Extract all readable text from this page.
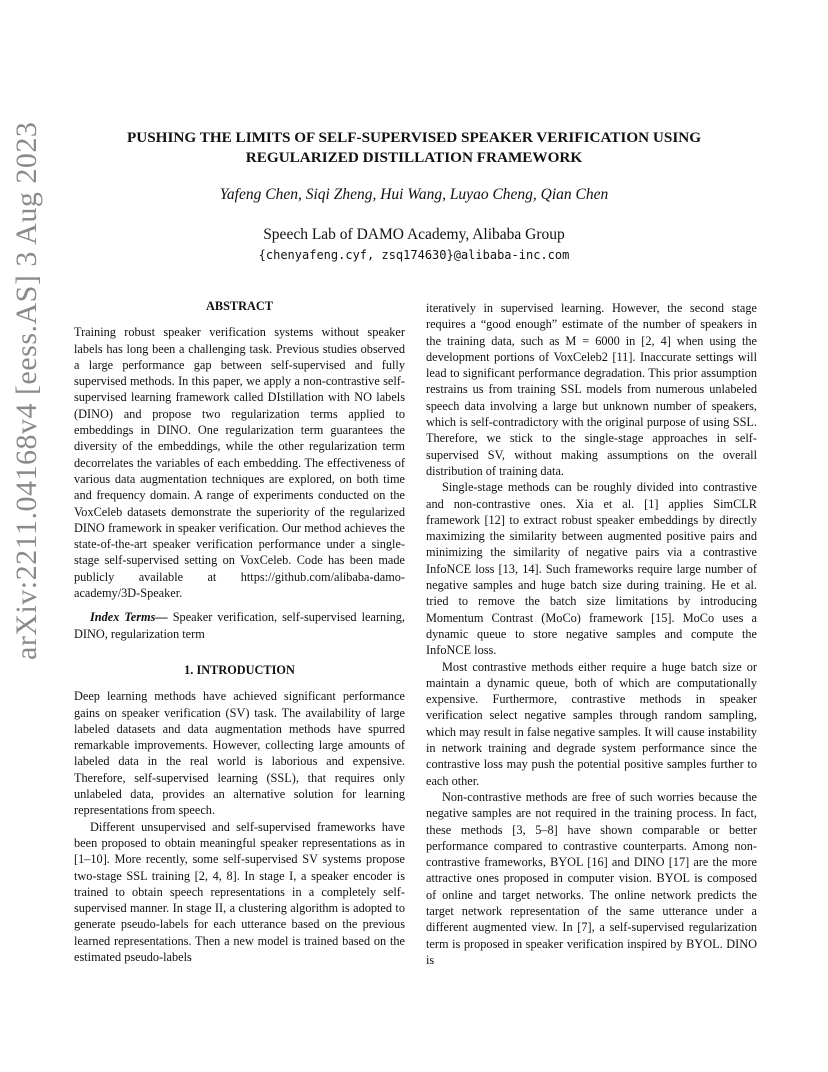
arXiv:2211.04168v4 [eess.AS] 3 Aug 2023	PUSHING THE LIMITS OF SELF-SUPERVISED SPEAKER VERIFICATION USING
REGULARIZED DISTILLATION FRAMEWORK
Yafeng Chen, Siqi Zheng, Hui Wang, Luyao Cheng, Qian Chen
Speech Lab of DAMO Academy, Alibaba Group
{chenyafeng.cyf, zsq174630}@alibaba-inc.com
ABSTRACT

Training robust speaker verification systems without speaker labels has long been a challenging task. Previous studies observed a large performance gap between self-supervised and fully supervised methods. In this paper, we apply a non-contrastive self-supervised learning framework called DIstillation with NO labels (DINO) and propose two regularization terms applied to embeddings in DINO. One regularization term guarantees the diversity of the embeddings, while the other regularization term decorrelates the variables of each embedding. The effectiveness of various data augmentation techniques are explored, on both time and frequency domain. A range of experiments conducted on the VoxCeleb datasets demonstrate the superiority of the regularized DINO framework in speaker verification. Our method achieves the state-of-the-art speaker verification performance under a single-stage self-supervised setting on VoxCeleb. Code has been made publicly available at https://github.com/alibaba-damo-academy/3D-Speaker.

Index Terms— Speaker verification, self-supervised learning, DINO, regularization term

1. INTRODUCTION

Deep learning methods have achieved significant performance gains on speaker verification (SV) task. The availability of large labeled datasets and data augmentation methods have spurred remarkable improvements. However, collecting large amounts of labeled data in the real world is laborious and expensive. Therefore, self-supervised learning (SSL), that requires only unlabeled data, provides an alternative solution for learning representations from speech.

Different unsupervised and self-supervised frameworks have been proposed to obtain meaningful speaker representations as in [1–10]. More recently, some self-supervised SV systems propose two-stage SSL training [2, 4, 8]. In stage I, a speaker encoder is trained to obtain speech representations in a completely self-supervised manner. In stage II, a clustering algorithm is adopted to generate pseudo-labels for each utterance based on the previous learned representations. Then a new model is trained based on the estimated pseudo-labels

iteratively in supervised learning. However, the second stage requires a “good enough” estimate of the number of speakers in the training data, such as M = 6000 in [2, 4] when using the development portions of VoxCeleb2 [11]. Inaccurate settings will lead to significant performance degradation. This prior assumption restrains us from training SSL models from numerous unlabeled speech data involving a large but unknown number of speakers, which is self-contradictory with the original purpose of using SSL. Therefore, we stick to the single-stage approaches in self-supervised SV, without making assumptions on the overall distribution of training data.

Single-stage methods can be roughly divided into contrastive and non-contrastive ones. Xia et al. [1] applies SimCLR framework [12] to extract robust speaker embeddings by directly maximizing the similarity between augmented positive pairs and minimizing the similarity of negative pairs via a contrastive InfoNCE loss [13, 14]. Such frameworks require large number of negative samples and huge batch size during training. He et al. tried to remove the batch size limitations by introducing Momentum Contrast (MoCo) framework [15]. MoCo uses a dynamic queue to store negative samples and compute the InfoNCE loss.

Most contrastive methods either require a huge batch size or maintain a dynamic queue, both of which are computationally expensive. Furthermore, contrastive methods in speaker verification select negative samples through random sampling, which may result in false negative samples. It will cause instability in network training and degrade system performance since the contrastive loss may push the potential positive samples further to each other.

Non-contrastive methods are free of such worries because the negative samples are not required in the training process. In fact, these methods [3, 5–8] have shown comparable or better performance compared to contrastive counterparts. Among non-contrastive frameworks, BYOL [16] and DINO [17] are the more attractive ones proposed in computer vision. BYOL is composed of online and target networks. The online network predicts the target network representation of the same utterance under a different augmented view. In [7], a self-supervised regularization term is proposed in speaker verification inspired by BYOL. DINO is
